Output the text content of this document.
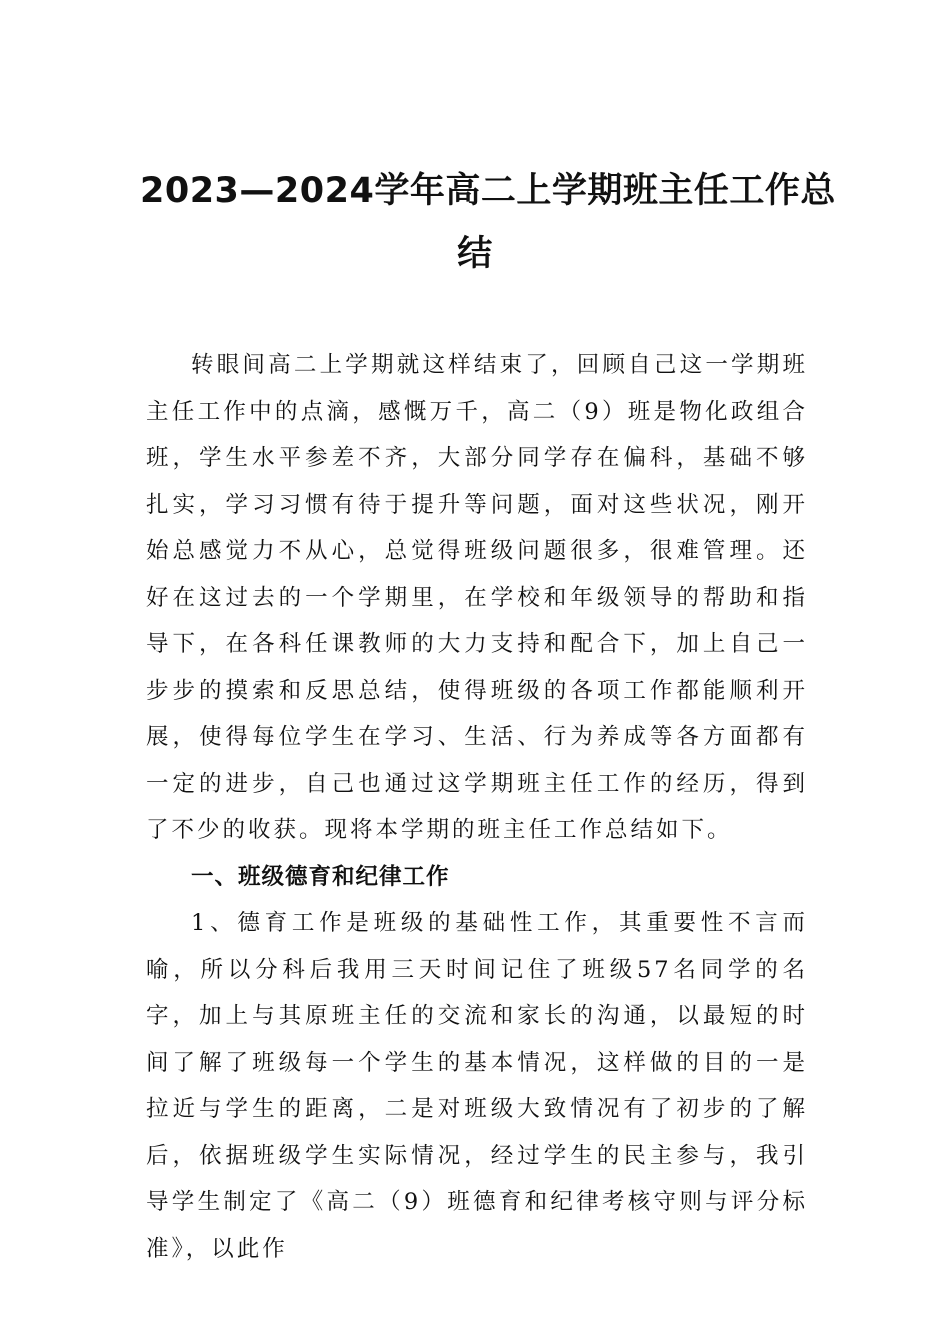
2023—2024学年高二上学期班主任工作总
结

转眼间高二上学期就这样结束了，回顾自己这一学期班主任工作中的点滴，感慨万千，高二（9）班是物化政组合班，学生水平参差不齐，大部分同学存在偏科，基础不够扎实，学习习惯有待于提升等问题，面对这些状况，刚开始总感觉力不从心，总觉得班级问题很多，很难管理。还好在这过去的一个学期里，在学校和年级领导的帮助和指导下，在各科任课教师的大力支持和配合下，加上自己一步步的摸索和反思总结，使得班级的各项工作都能顺利开展，使得每位学生在学习、生活、行为养成等各方面都有一定的进步，自己也通过这学期班主任工作的经历，得到了不少的收获。现将本学期的班主任工作总结如下。

一、班级德育和纪律工作

1、德育工作是班级的基础性工作，其重要性不言而喻，所以分科后我用三天时间记住了班级57名同学的名字，加上与其原班主任的交流和家长的沟通，以最短的时间了解了班级每一个学生的基本情况，这样做的目的一是拉近与学生的距离，二是对班级大致情况有了初步的了解后，依据班级学生实际情况，经过学生的民主参与，我引导学生制定了《高二（9）班德育和纪律考核守则与评分标准》，以此作
